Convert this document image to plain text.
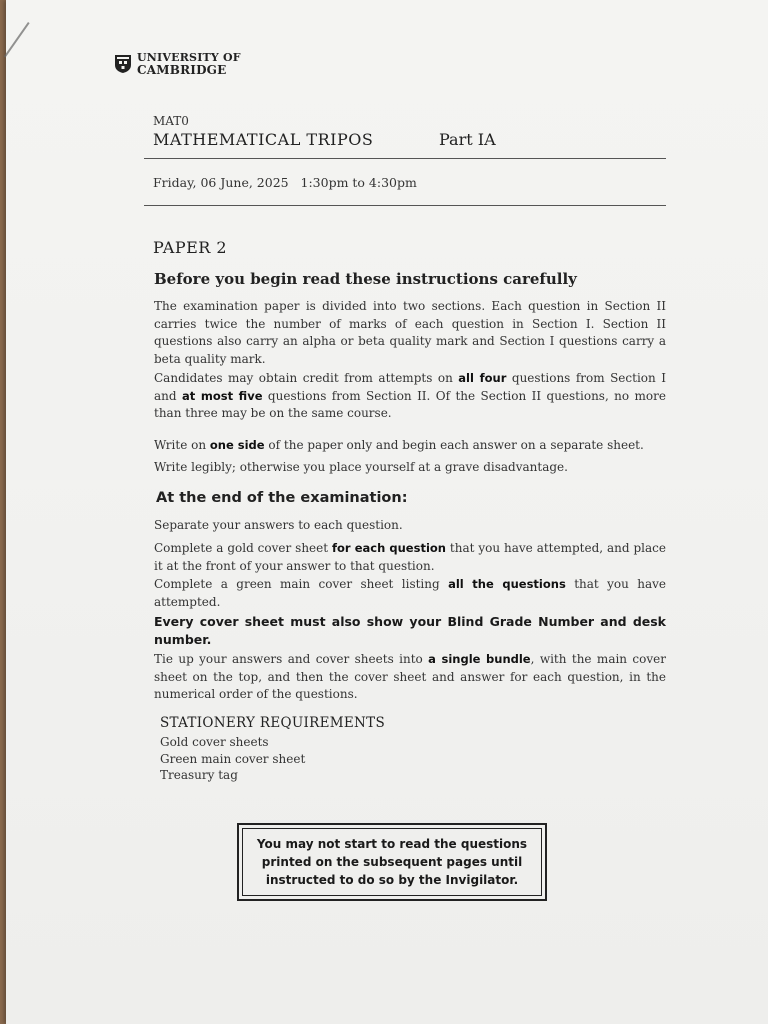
UNIVERSITY OF
CAMBRIDGE
MAT0
MATHEMATICAL TRIPOS	Part IA
Friday, 06 June, 2025   1:30pm to 4:30pm
PAPER 2
Before you begin read these instructions carefully
The examination paper is divided into two sections. Each question in Section II carries twice the number of marks of each question in Section I. Section II questions also carry an alpha or beta quality mark and Section I questions carry a beta quality mark.
Candidates may obtain credit from attempts on all four questions from Section I and at most five questions from Section II. Of the Section II questions, no more than three may be on the same course.
Write on one side of the paper only and begin each answer on a separate sheet.
Write legibly; otherwise you place yourself at a grave disadvantage.
At the end of the examination:
Separate your answers to each question.
Complete a gold cover sheet for each question that you have attempted, and place it at the front of your answer to that question.
Complete a green main cover sheet listing all the questions that you have attempted.
Every cover sheet must also show your Blind Grade Number and desk number.
Tie up your answers and cover sheets into a single bundle, with the main cover sheet on the top, and then the cover sheet and answer for each question, in the numerical order of the questions.
STATIONERY REQUIREMENTS
Gold cover sheets
Green main cover sheet
Treasury tag
You may not start to read the questions
printed on the subsequent pages until
instructed to do so by the Invigilator.
